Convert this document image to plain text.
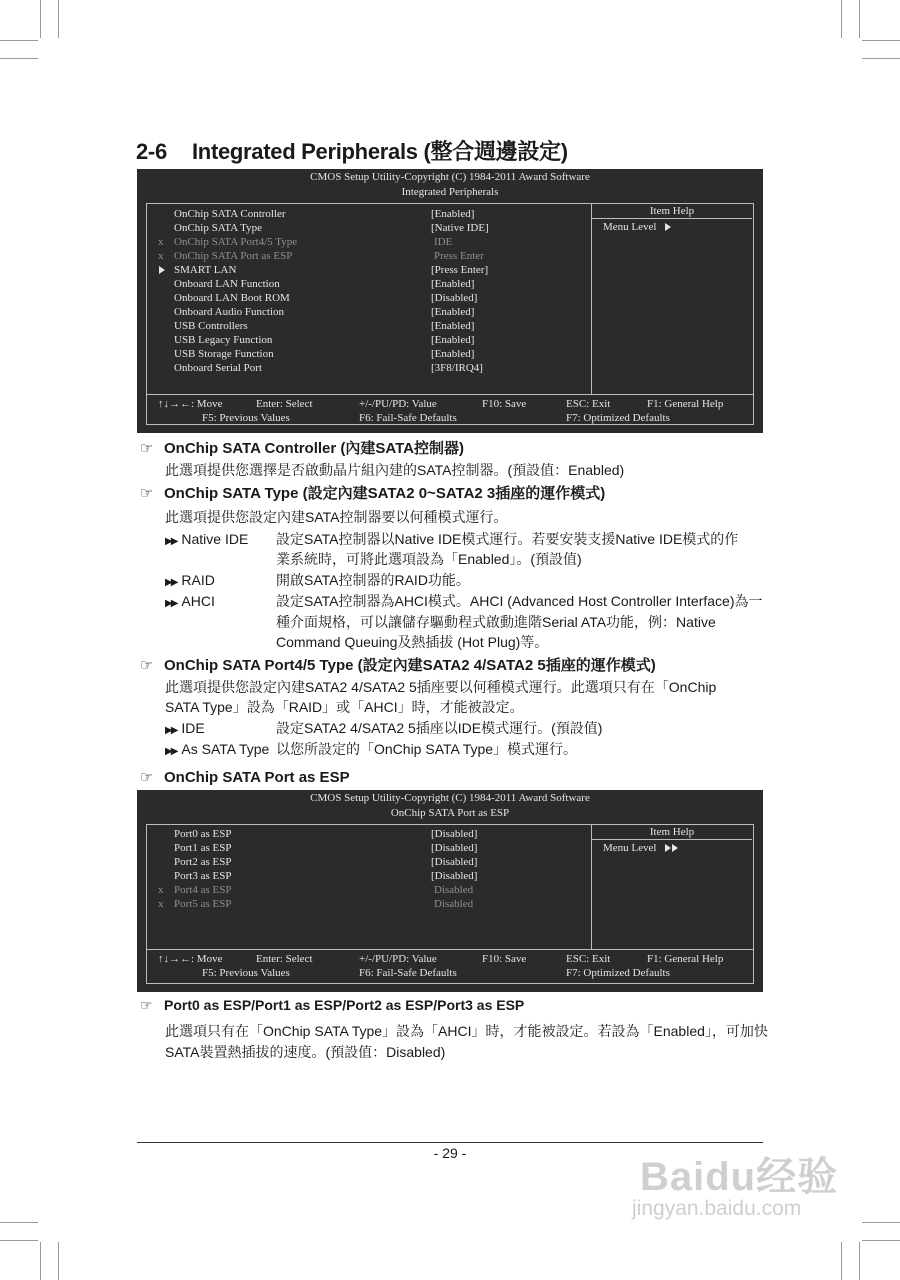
2-6 Integrated Peripherals (整合週邊設定)
CMOS Setup Utility-Copyright (C) 1984-2011 Award Software
Integrated Peripherals
OnChip SATA Controller	[Enabled]
OnChip SATA Type	[Native IDE]
x OnChip SATA Port4/5 Type	IDE
x OnChip SATA Port as ESP	Press Enter
SMART LAN	[Press Enter]
Onboard LAN Function	[Enabled]
Onboard LAN Boot ROM	[Disabled]
Onboard Audio Function	[Enabled]
USB Controllers	[Enabled]
USB Legacy Function	[Enabled]
USB Storage Function	[Enabled]
Onboard Serial Port	[3F8/IRQ4]
Item Help
Menu Level
↑↓→←: Move	Enter: Select	+/-/PU/PD: Value	F10: Save	ESC: Exit	F1: General Help
F5: Previous Values	F6: Fail-Safe Defaults	F7: Optimized Defaults
☞ OnChip SATA Controller (內建SATA控制器)
此選項提供您選擇是否啟動晶片組內建的SATA控制器。(預設值：Enabled)
☞ OnChip SATA Type (設定內建SATA2 0~SATA2 3插座的運作模式)
此選項提供您設定內建SATA控制器要以何種模式運行。
▶▶ Native IDE 設定SATA控制器以Native IDE模式運行。若要安裝支援Native IDE模式的作
業系統時，可將此選項設為「Enabled」。(預設值)
▶▶ RAID	開啟SATA控制器的RAID功能。
▶▶ AHCI	設定SATA控制器為AHCI模式。AHCI (Advanced Host Controller Interface)為一
種介面規格，可以讓儲存驅動程式啟動進階Serial ATA功能，例：Native
Command Queuing及熱插拔 (Hot Plug)等。
☞ OnChip SATA Port4/5 Type (設定內建SATA2 4/SATA2 5插座的運作模式)
此選項提供您設定內建SATA2 4/SATA2 5插座要以何種模式運行。此選項只有在「OnChip
SATA Type」設為「RAID」或「AHCI」時，才能被設定。
▶▶ IDE	設定SATA2 4/SATA2 5插座以IDE模式運行。(預設值)
▶▶ As SATA Type 以您所設定的「OnChip SATA Type」模式運行。
☞ OnChip SATA Port as ESP
CMOS Setup Utility-Copyright (C) 1984-2011 Award Software
OnChip SATA Port as ESP
Port0 as ESP	[Disabled]
Port1 as ESP	[Disabled]
Port2 as ESP	[Disabled]
Port3 as ESP	[Disabled]
x Port4 as ESP	Disabled
x Port5 as ESP	Disabled
Item Help
Menu Level
↑↓→←: Move	Enter: Select	+/-/PU/PD: Value	F10: Save	ESC: Exit	F1: General Help
F5: Previous Values	F6: Fail-Safe Defaults	F7: Optimized Defaults
☞ Port0 as ESP/Port1 as ESP/Port2 as ESP/Port3 as ESP
此選項只有在「OnChip SATA Type」設為「AHCI」時，才能被設定。若設為「Enabled」，可加快
SATA裝置熱插拔的速度。(預設值：Disabled)
- 29 -
Baidu经验
jingyan.baidu.com
